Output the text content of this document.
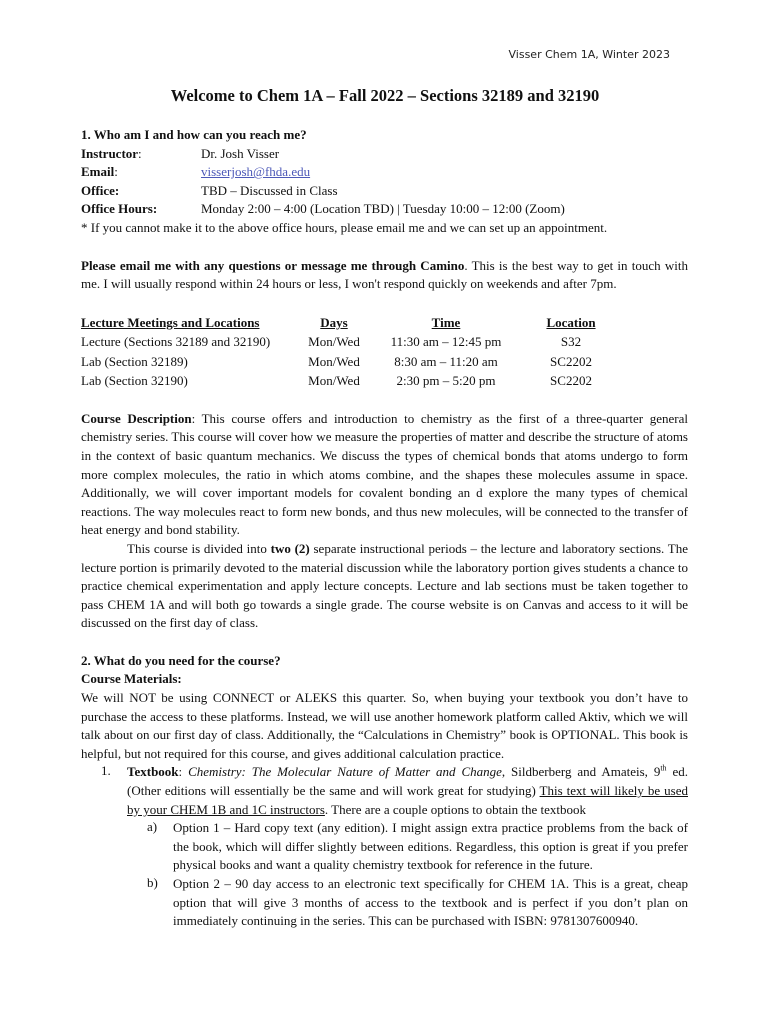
Visser Chem 1A, Winter 2023
Welcome to Chem 1A – Fall 2022 – Sections 32189 and 32190

1. Who am I and how can you reach me?

Instructor:	Dr. Josh Visser
Email:	visserjosh@fhda.edu
Office:	TBD – Discussed in Class
Office Hours:	Monday 2:00 – 4:00 (Location TBD) | Tuesday 10:00 – 12:00 (Zoom)

* If you cannot make it to the above office hours, please email me and we can set up an appointment.

Please email me with any questions or message me through Camino. This is the best way to get in touch with me. I will usually respond within 24 hours or less, I won't respond quickly on weekends and after 7pm.

Lecture Meetings and Locations	Days	Time	Location
Lecture (Sections 32189 and 32190)	Mon/Wed	11:30 am – 12:45 pm	S32
Lab (Section 32189)	Mon/Wed	8:30 am – 11:20 am	SC2202
Lab (Section 32190)	Mon/Wed	2:30 pm – 5:20 pm	SC2202

Course Description: This course offers and introduction to chemistry as the first of a three-quarter general chemistry series. This course will cover how we measure the properties of matter and describe the structure of atoms in the context of basic quantum mechanics. We discuss the types of chemical bonds that atoms undergo to form more complex molecules, the ratio in which atoms combine, and the shapes these molecules assume in space. Additionally, we will cover important models for covalent bonding an d explore the many types of chemical reactions. The way molecules react to form new bonds, and thus new molecules, will be connected to the transfer of heat energy and bond stability.

This course is divided into two (2) separate instructional periods – the lecture and laboratory sections. The lecture portion is primarily devoted to the material discussion while the laboratory portion gives students a chance to practice chemical experimentation and apply lecture concepts. Lecture and lab sections must be taken together to pass CHEM 1A and will both go towards a single grade. The course website is on Canvas and access to it will be discussed on the first day of class.

2. What do you need for the course?

Course Materials:

We will NOT be using CONNECT or ALEKS this quarter. So, when buying your textbook you don’t have to purchase the access to these platforms. Instead, we will use another homework platform called Aktiv, which we will talk about on our first day of class. Additionally, the “Calculations in Chemistry” book is OPTIONAL. This book is helpful, but not required for this course, and gives additional calculation practice.

1. Textbook: Chemistry: The Molecular Nature of Matter and Change, Sildberberg and Amateis, 9th ed. (Other editions will essentially be the same and will work great for studying) This text will likely be used by your CHEM 1B and 1C instructors. There are a couple options to obtain the textbook

a) Option 1 – Hard copy text (any edition). I might assign extra practice problems from the back of the book, which will differ slightly between editions. Regardless, this option is great if you prefer physical books and want a quality chemistry textbook for reference in the future.

b) Option 2 – 90 day access to an electronic text specifically for CHEM 1A. This is a great, cheap option that will give 3 months of access to the textbook and is perfect if you don’t plan on immediately continuing in the series. This can be purchased with ISBN: 9781307600940.
